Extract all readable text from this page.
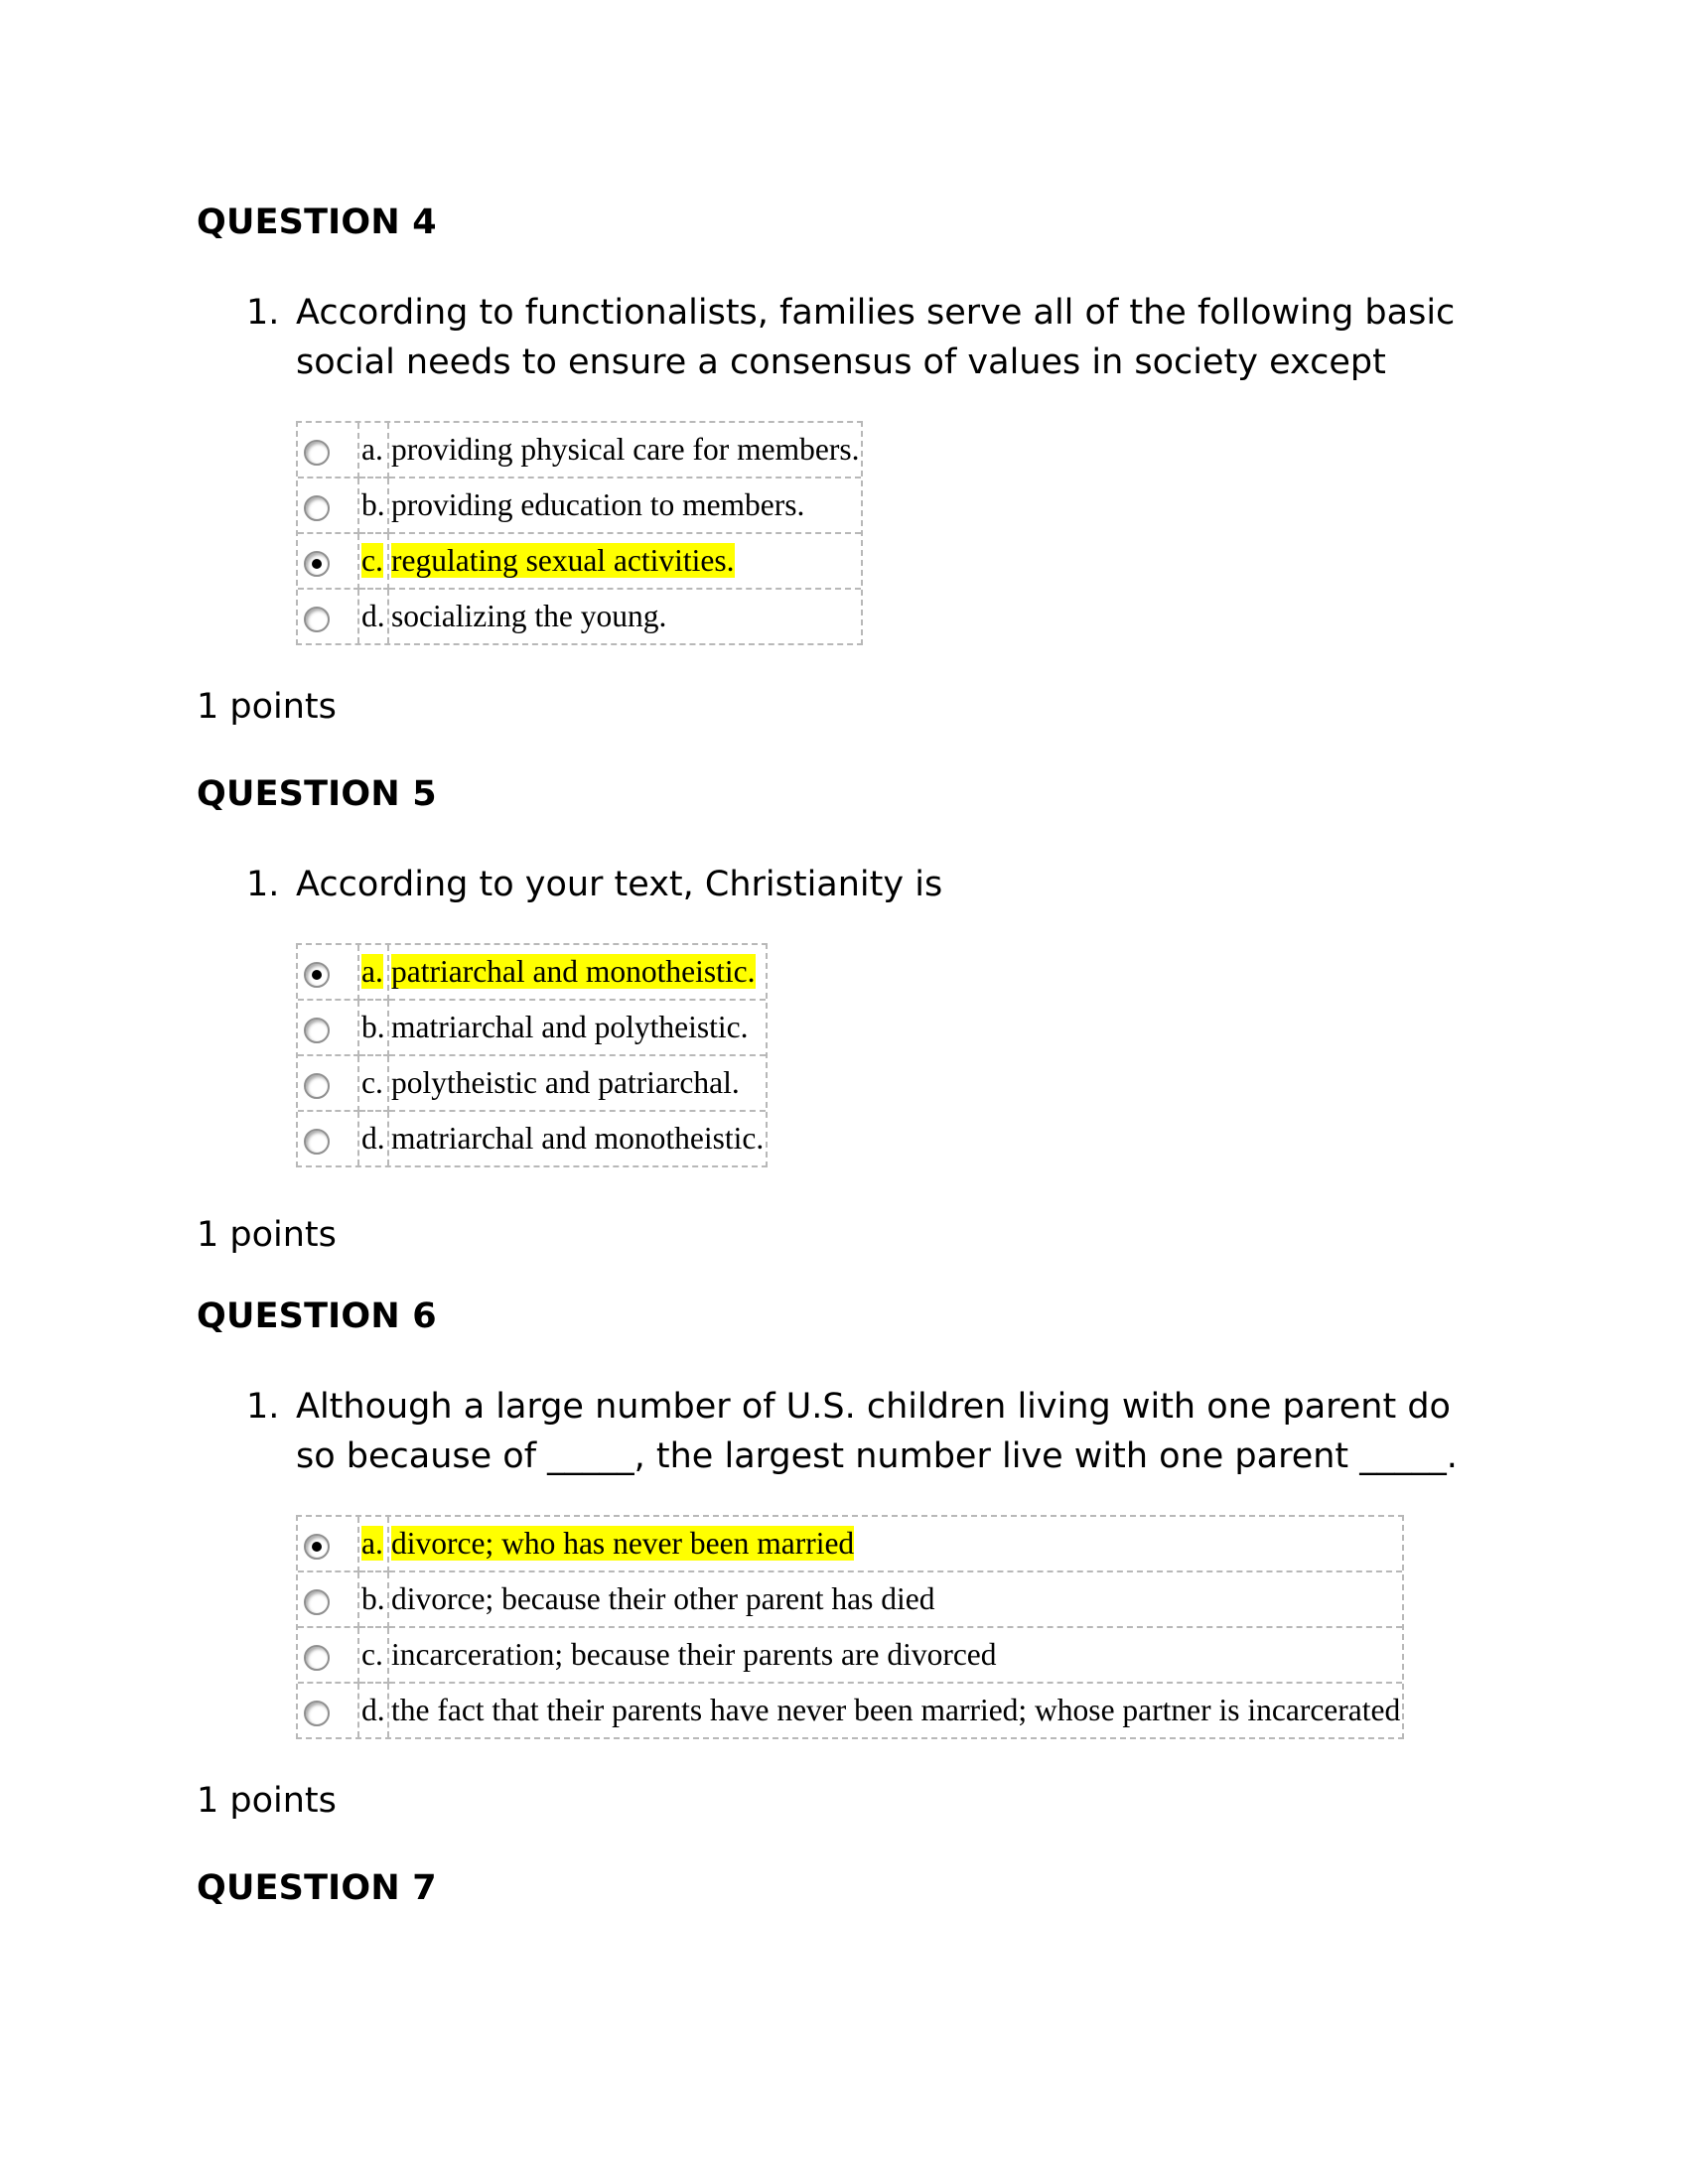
QUESTION 4
1. According to functionalists, families serve all of the following basic social needs to ensure a consensus of values in society except
	a.	providing physical care for members.
	b.	providing education to members.
	c.	regulating sexual activities.
	d.	socializing the young.
1 points
QUESTION 5
1. According to your text, Christianity is
	a.	patriarchal and monotheistic.
	b.	matriarchal and polytheistic.
	c.	polytheistic and patriarchal.
	d.	matriarchal and monotheistic.
1 points
QUESTION 6
1. Although a large number of U.S. children living with one parent do so because of _____, the largest number live with one parent _____.
	a.	divorce; who has never been married
	b.	divorce; because their other parent has died
	c.	incarceration; because their parents are divorced
	d.	the fact that their parents have never been married; whose partner is incarcerated
1 points
QUESTION 7
